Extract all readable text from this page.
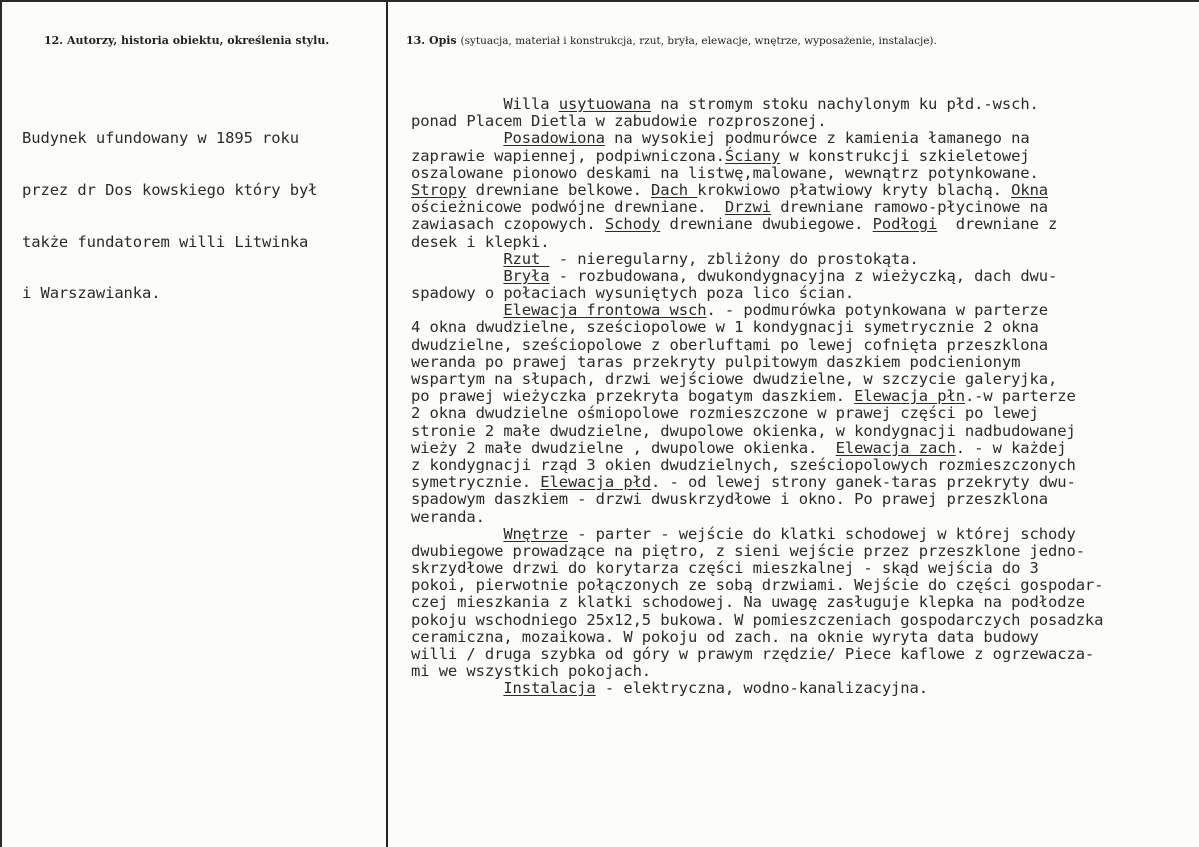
12. Autorzy, historia obiektu, określenia stylu.	13. Opis (sytuacja, materiał i konstrukcja, rzut, bryła, elewacje, wnętrze, wyposażenie, instalacje).

Budynek ufundowany w 1895 roku

przez dr Dos kowskiego który był

także fundatorem willi Litwinka

i Warszawianka.

Willa usytuowana na stromym stoku nachylonym ku płd.-wsch.
ponad Placem Dietla w zabudowie rozproszonej.
Posadowiona na wysokiej podmurówce z kamienia łamanego na
zaprawie wapiennej, podpiwniczona.Ściany w konstrukcji szkieletowej
oszalowane pionowo deskami na listwę,malowane, wewnątrz potynkowane.
Stropy drewniane belkowe. Dach krokwiowo płatwiowy kryty blachą. Okna
ościeżnicowe podwójne drewniane.  Drzwi drewniane ramowo-płycinowe na
zawiasach czopowych. Schody drewniane dwubiegowe. Podłogi  drewniane z
desek i klepki.
Rzut  - nieregularny, zbliżony do prostokąta.
Bryła - rozbudowana, dwukondygnacyjna z wieżyczką, dach dwu-
spadowy o połaciach wysuniętych poza lico ścian.
Elewacja frontowa wsch. - podmurówka potynkowana w parterze
4 okna dwudzielne, sześciopolowe w 1 kondygnacji symetrycznie 2 okna
dwudzielne, sześciopolowe z oberluftami po lewej cofnięta przeszklona
weranda po prawej taras przekryty pulpitowym daszkiem podcienionym
wspartym na słupach, drzwi wejściowe dwudzielne, w szczycie galeryjka,
po prawej wieżyczka przekryta bogatym daszkiem. Elewacja płn.-w parterze
2 okna dwudzielne ośmiopolowe rozmieszczone w prawej części po lewej
stronie 2 małe dwudzielne, dwupolowe okienka, w kondygnacji nadbudowanej
wieży 2 małe dwudzielne , dwupolowe okienka.  Elewacja zach. - w każdej
z kondygnacji rząd 3 okien dwudzielnych, sześciopolowych rozmieszczonych
symetrycznie. Elewacja płd. - od lewej strony ganek-taras przekryty dwu-
spadowym daszkiem - drzwi dwuskrzydłowe i okno. Po prawej przeszklona
weranda.
Wnętrze - parter - wejście do klatki schodowej w której schody
dwubiegowe prowadzące na piętro, z sieni wejście przez przeszklone jedno-
skrzydłowe drzwi do korytarza części mieszkalnej - skąd wejścia do 3
pokoi, pierwotnie połączonych ze sobą drzwiami. Wejście do części gospodar-
czej mieszkania z klatki schodowej. Na uwagę zasługuje klepka na podłodze
pokoju wschodniego 25x12,5 bukowa. W pomieszczeniach gospodarczych posadzka
ceramiczna, mozaikowa. W pokoju od zach. na oknie wyryta data budowy
willi / druga szybka od góry w prawym rzędzie/ Piece kaflowe z ogrzewacza-
mi we wszystkich pokojach.
Instalacja - elektryczna, wodno-kanalizacyjna.
